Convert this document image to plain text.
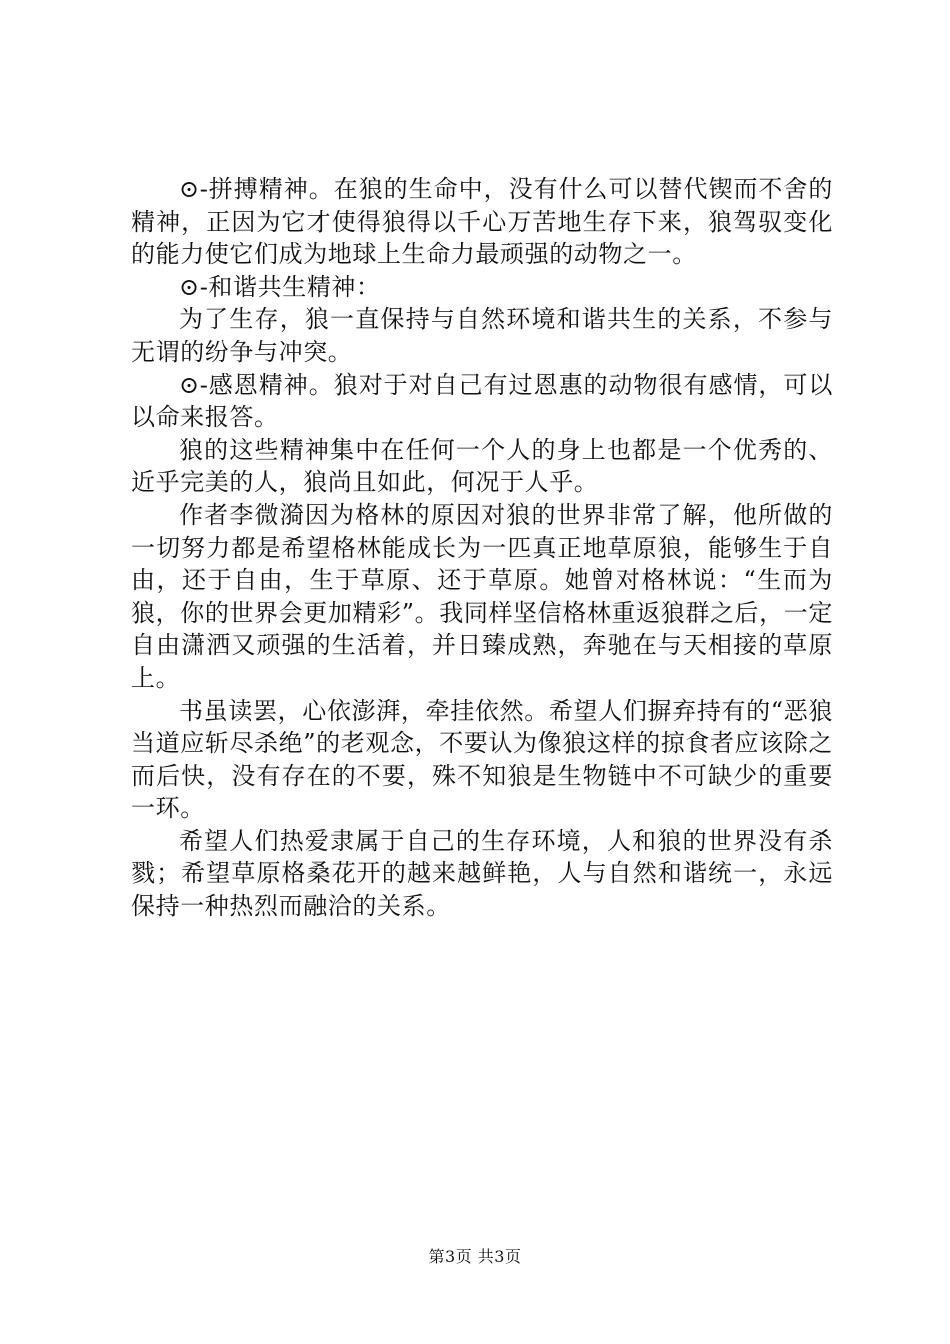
⊙-拼搏精神。在狼的生命中，没有什么可以替代锲而不舍的精神，正因为它才使得狼得以千心万苦地生存下来，狼驾驭变化的能力使它们成为地球上生命力最顽强的动物之一。

⊙-和谐共生精神：

为了生存，狼一直保持与自然环境和谐共生的关系，不参与无谓的纷争与冲突。

⊙-感恩精神。狼对于对自己有过恩惠的动物很有感情，可以以命来报答。

狼的这些精神集中在任何一个人的身上也都是一个优秀的、近乎完美的人，狼尚且如此，何况于人乎。

作者李微漪因为格林的原因对狼的世界非常了解，他所做的一切努力都是希望格林能成长为一匹真正地草原狼，能够生于自由，还于自由，生于草原、还于草原。她曾对格林说：“生而为狼，你的世界会更加精彩”。我同样坚信格林重返狼群之后，一定自由潇洒又顽强的生活着，并日臻成熟，奔驰在与天相接的草原上。

书虽读罢，心依澎湃，牵挂依然。希望人们摒弃持有的“恶狼当道应斩尽杀绝”的老观念，不要认为像狼这样的掠食者应该除之而后快，没有存在的不要，殊不知狼是生物链中不可缺少的重要一环。

希望人们热爱隶属于自己的生存环境，人和狼的世界没有杀戮；希望草原格桑花开的越来越鲜艳，人与自然和谐统一，永远保持一种热烈而融洽的关系。

第3页 共3页
